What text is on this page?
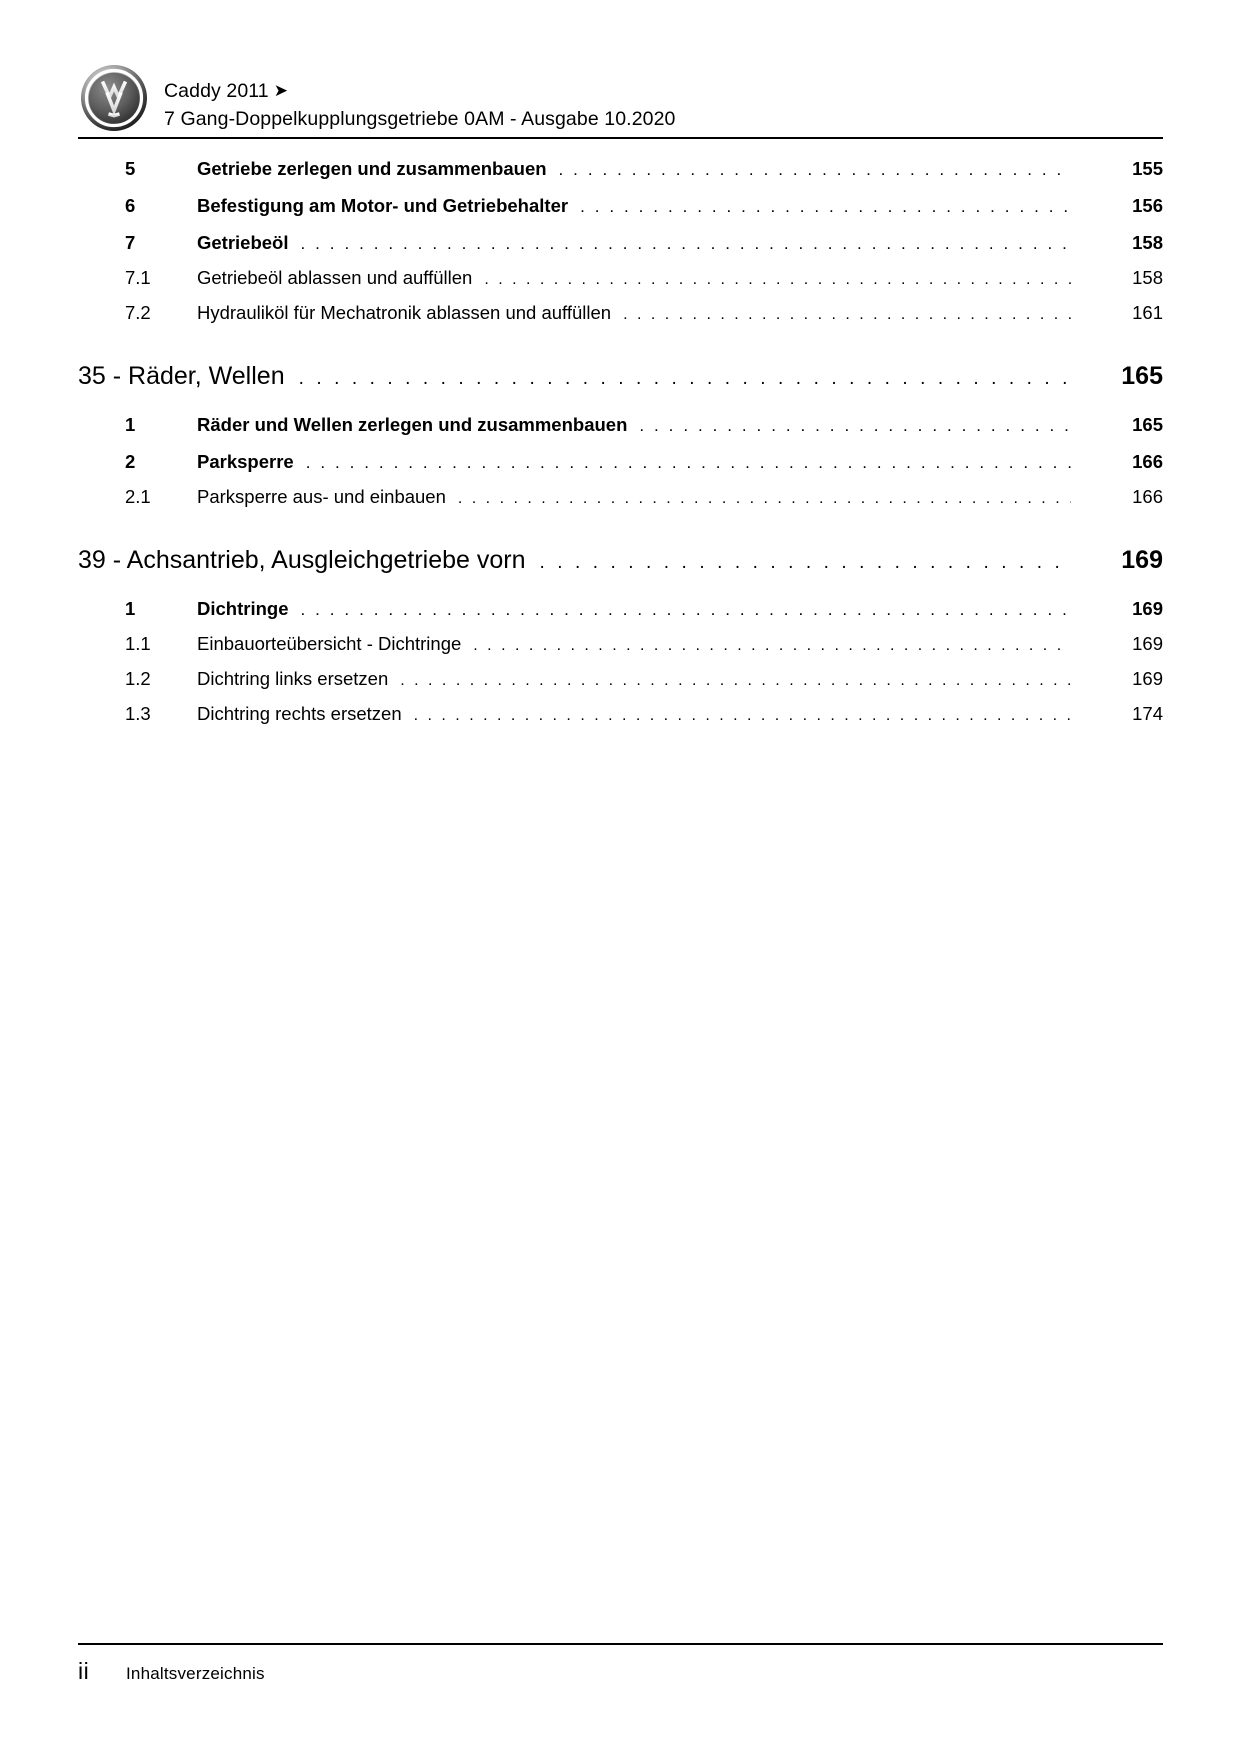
Caddy 2011 ➤
7 Gang-Doppelkupplungsgetriebe 0AM - Ausgabe 10.2020
5	Getriebe zerlegen und zusammenbauen . . .	155
6	Befestigung am Motor- und Getriebehalter . . .	156
7	Getriebeöl . . .	158
7.1	Getriebeöl ablassen und auffüllen . . .	158
7.2	Hydrauliköl für Mechatronik ablassen und auffüllen . . .	161
35 - Räder, Wellen . . .	165
1	Räder und Wellen zerlegen und zusammenbauen . . .	165
2	Parksperre . . .	166
2.1	Parksperre aus- und einbauen . . .	166
39 - Achsantrieb, Ausgleichgetriebe vorn . . .	169
1	Dichtringe . . .	169
1.1	Einbauorteübersicht - Dichtringe . . .	169
1.2	Dichtring links ersetzen . . .	169
1.3	Dichtring rechts ersetzen . . .	174
ii	Inhaltsverzeichnis
